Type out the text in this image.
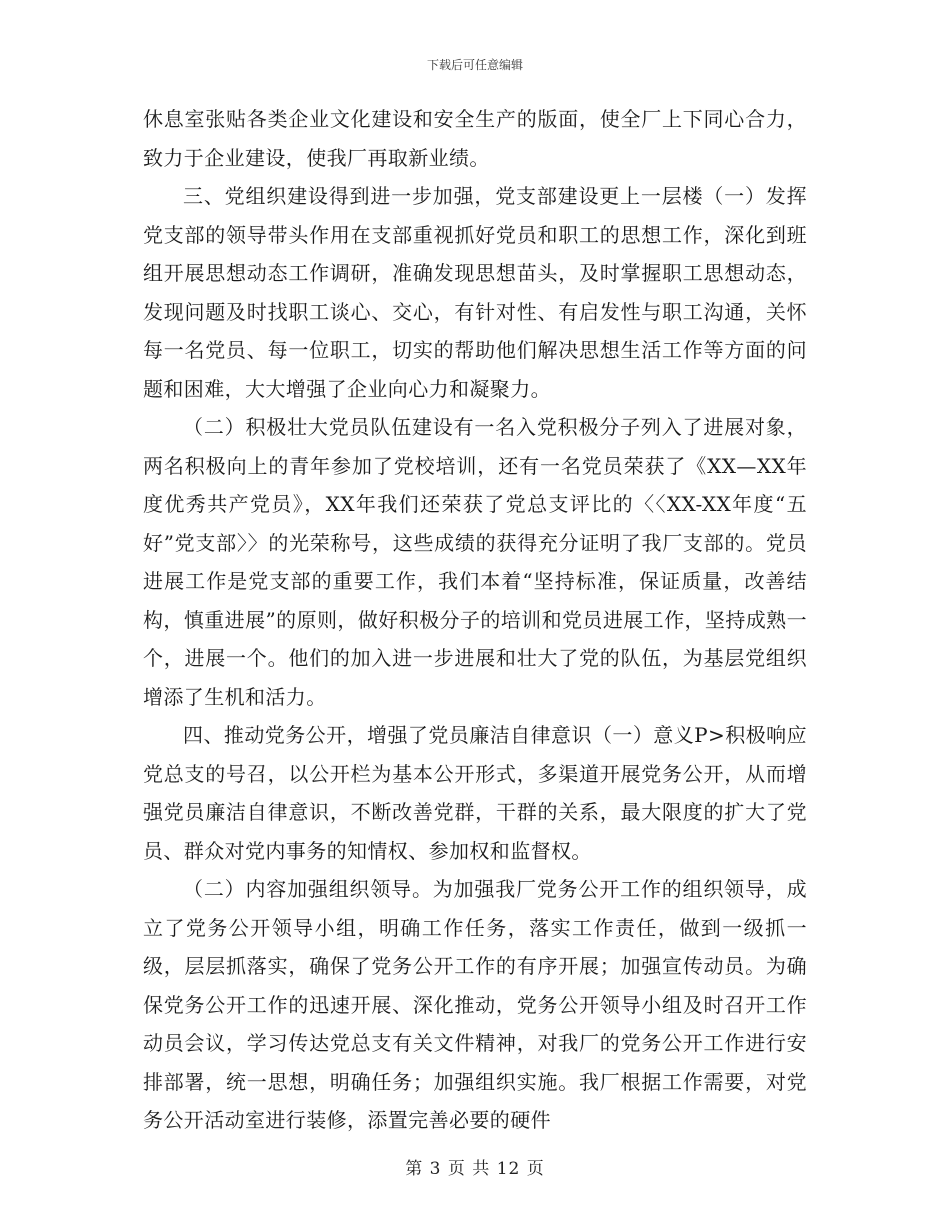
下载后可任意编辑

休息室张贴各类企业文化建设和安全生产的版面，使全厂上下同心合力，致力于企业建设，使我厂再取新业绩。

三、党组织建设得到进一步加强，党支部建设更上一层楼（一）发挥党支部的领导带头作用在支部重视抓好党员和职工的思想工作，深化到班组开展思想动态工作调研，准确发现思想苗头，及时掌握职工思想动态，发现问题及时找职工谈心、交心，有针对性、有启发性与职工沟通，关怀每一名党员、每一位职工，切实的帮助他们解决思想生活工作等方面的问题和困难，大大增强了企业向心力和凝聚力。

（二）积极壮大党员队伍建设有一名入党积极分子列入了进展对象，两名积极向上的青年参加了党校培训，还有一名党员荣获了《XX—XX年度优秀共产党员》，XX年我们还荣获了党总支评比的〈〈XX-XX年度“五好”党支部〉〉的光荣称号，这些成绩的获得充分证明了我厂支部的。党员进展工作是党支部的重要工作，我们本着“坚持标准，保证质量，改善结构，慎重进展”的原则，做好积极分子的培训和党员进展工作，坚持成熟一个，进展一个。他们的加入进一步进展和壮大了党的队伍，为基层党组织增添了生机和活力。

四、推动党务公开，增强了党员廉洁自律意识（一）意义P>积极响应党总支的号召，以公开栏为基本公开形式，多渠道开展党务公开，从而增强党员廉洁自律意识，不断改善党群，干群的关系，最大限度的扩大了党员、群众对党内事务的知情权、参加权和监督权。

（二）内容加强组织领导。为加强我厂党务公开工作的组织领导，成立了党务公开领导小组，明确工作任务，落实工作责任，做到一级抓一级，层层抓落实，确保了党务公开工作的有序开展；加强宣传动员。为确保党务公开工作的迅速开展、深化推动，党务公开领导小组及时召开工作动员会议，学习传达党总支有关文件精神，对我厂的党务公开工作进行安排部署，统一思想，明确任务；加强组织实施。我厂根据工作需要，对党务公开活动室进行装修，添置完善必要的硬件

第 3 页 共 12 页
